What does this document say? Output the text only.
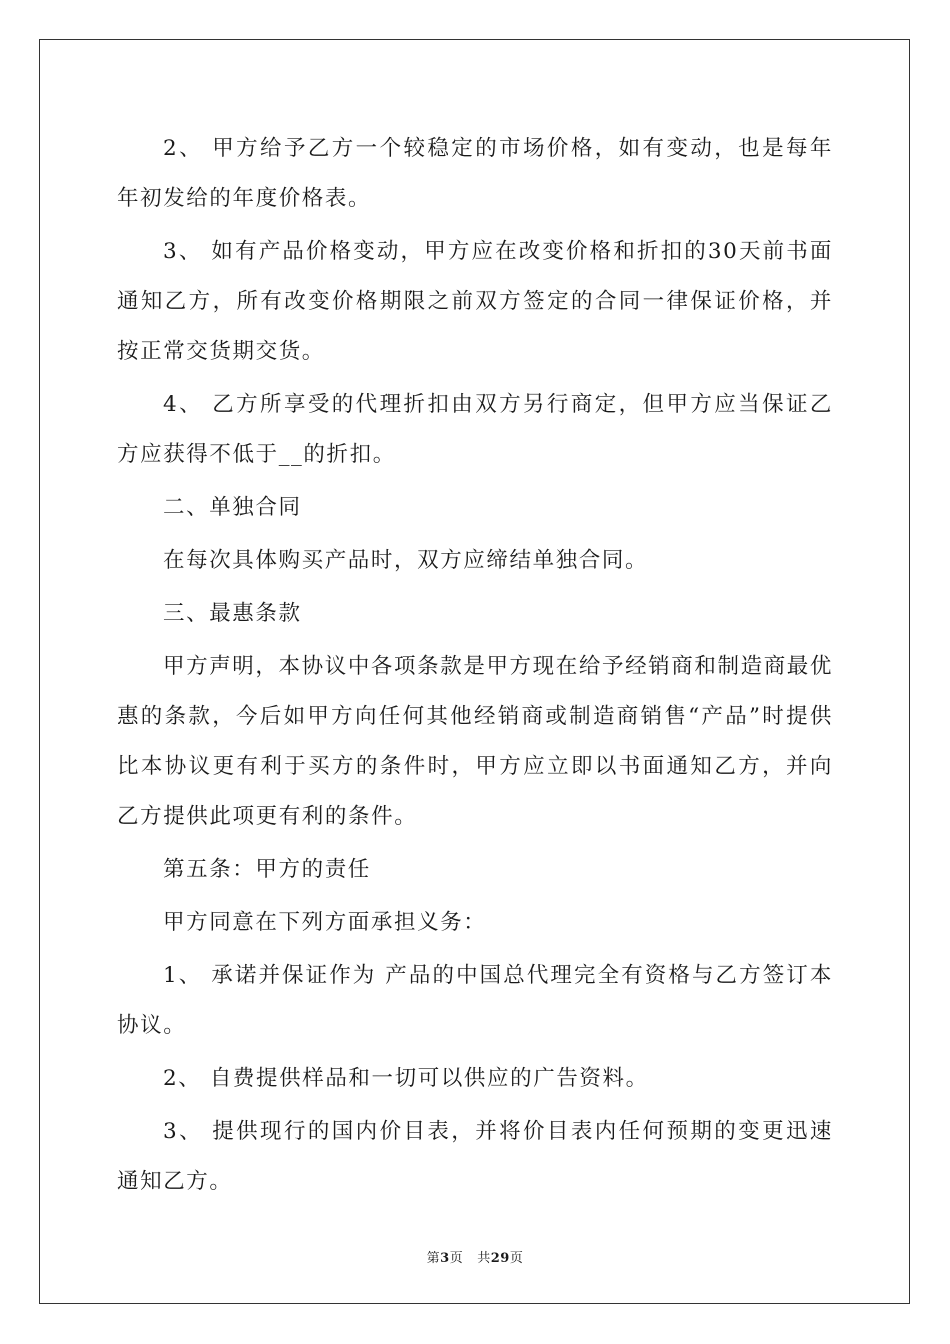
2、 甲方给予乙方一个较稳定的市场价格，如有变动，也是每年年初发给的年度价格表。

3、 如有产品价格变动，甲方应在改变价格和折扣的30天前书面通知乙方，所有改变价格期限之前双方签定的合同一律保证价格，并按正常交货期交货。

4、 乙方所享受的代理折扣由双方另行商定，但甲方应当保证乙方应获得不低于__的折扣。

二、单独合同

在每次具体购买产品时，双方应缔结单独合同。

三、最惠条款

甲方声明，本协议中各项条款是甲方现在给予经销商和制造商最优惠的条款，今后如甲方向任何其他经销商或制造商销售“产品”时提供比本协议更有利于买方的条件时，甲方应立即以书面通知乙方，并向乙方提供此项更有利的条件。

第五条：甲方的责任

甲方同意在下列方面承担义务：

1、 承诺并保证作为 产品的中国总代理完全有资格与乙方签订本协议。

2、 自费提供样品和一切可以供应的广告资料。

3、 提供现行的国内价目表，并将价目表内任何预期的变更迅速通知乙方。

第3页 共29页
